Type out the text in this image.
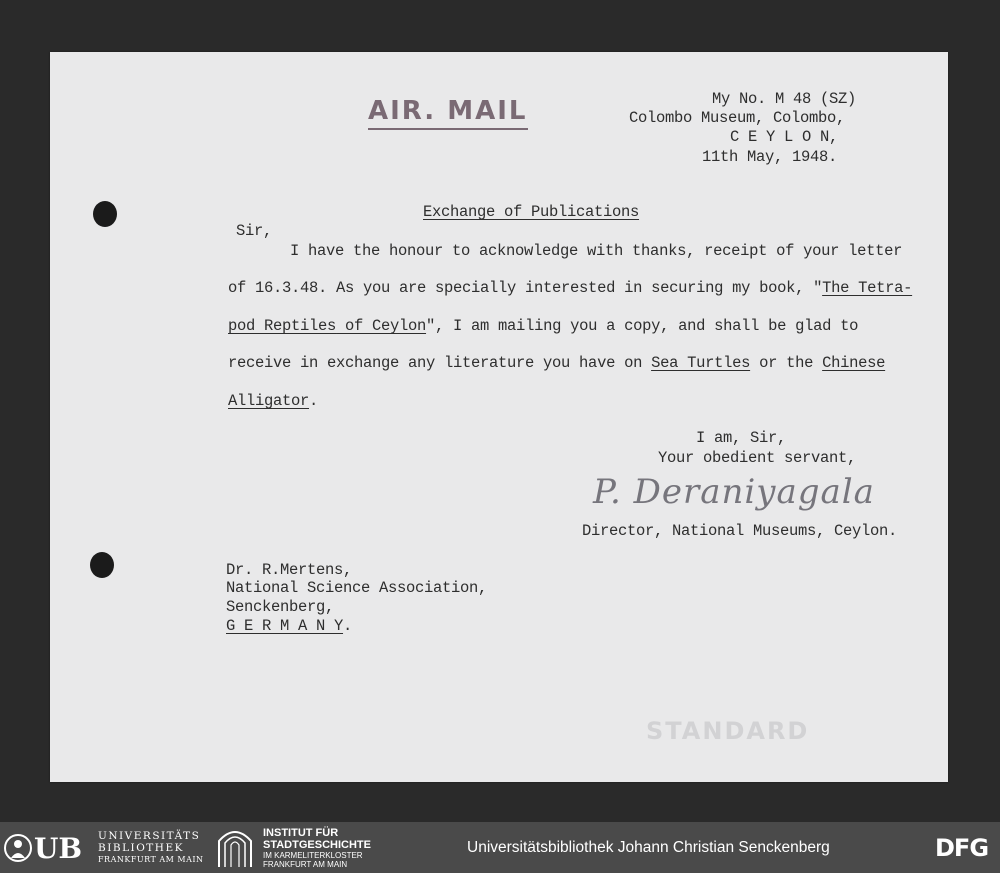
STANDARD
AIR. MAIL	My No. M 48 (SZ)
Colombo Museum, Colombo,
C E Y L O N,
11th May, 1948.
Exchange of Publications
Sir,
I have the honour to acknowledge with thanks, receipt of your letter
of 16.3.48. As you are specially interested in securing my book, "The Tetra-
pod Reptiles of Ceylon", I am mailing you a copy, and shall be glad to
receive in exchange any literature you have on Sea Turtles or the Chinese
Alligator.
I am, Sir,
Your obedient servant,
P. Deraniyagala
Director, National Museums, Ceylon.
Dr. R.Mertens,
National Science Association,
Senckenberg,
G E R M A N Y.
UB UNIVERSITÄTS
BIBLIOTHEK
FRANKFURT AM MAIN
INSTITUT FÜR
STADTGESCHICHTE
IM KARMELITERKLOSTER
FRANKFURT AM MAIN
Universitätsbibliothek Johann Christian Senckenberg	DFG
